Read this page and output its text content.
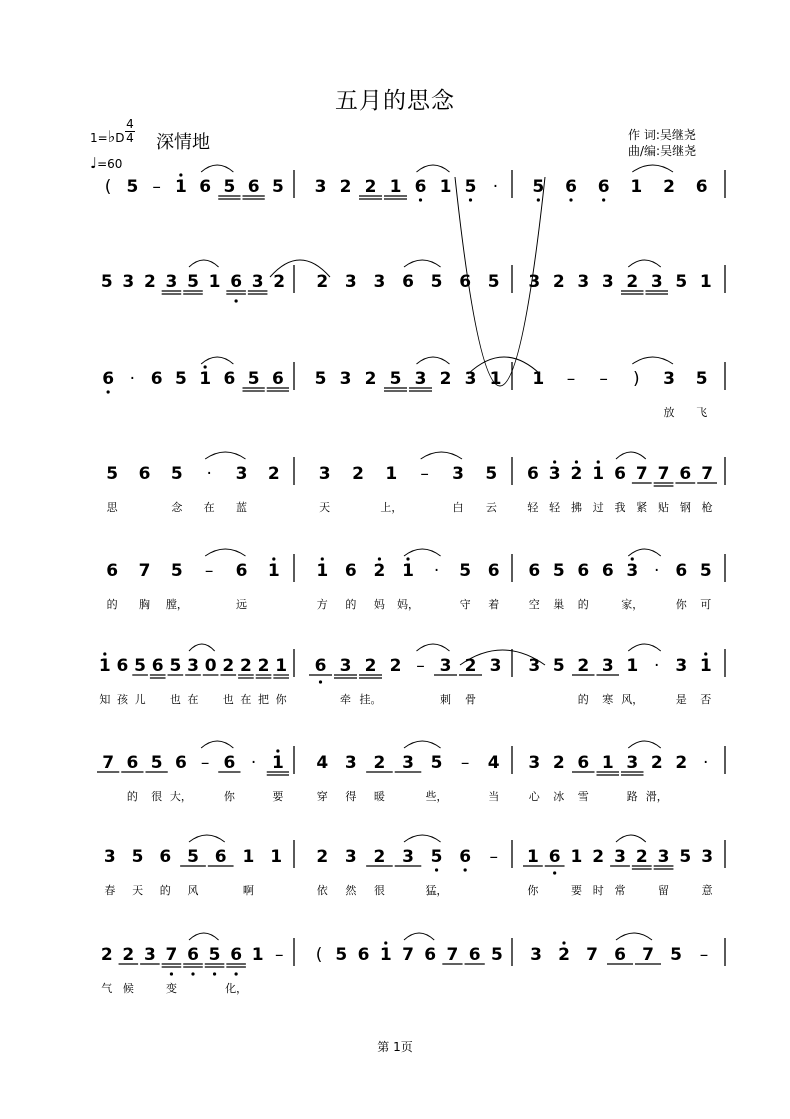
五月的思念
1=♭D
4
4
♩=60
深情地	作 词:吴继尧
曲/编:吴继尧
( 5 – 1 6 5 6 5 3 2 2 1 6 1 5 · 5 6 6 1 2 6
5 3 2 3 5 1 6 3 2 2 3 3 6 5 6 5 3 2 3 3 2 3 5 1
6 · 6 5 1 6 5 6 5 3 2 5 3 2 3 1 1 – – ) 3 5
放 飞
5 6 5 · 3 2 3 2 1 – 3 5 6 3 2 1 6 7 7 6 7
思	念 在 蓝	天	上，	白 云	轻 轻 拂 过 我 紧 贴 钢 枪
6 7 5 – 6 1 1 6 2 1 · 5 6 6 5 6 6 3 · 6 5
的 胸 膛，	远	方 的 妈 妈，	守 着	空 巢 的	家，	你 可
1 6 5 6 5 3 0 2 2 2 1 6 3 2 2 – 3 2 3 3 5 2 3 1 · 3 1
知 孩 儿 也 在 也 在 把 你	牵 挂。	刺 骨	的 寒 风，	是 否
7 6 5 6 – 6 · 1 4 3 2 3 5 – 4 3 2 6 1 3 2 2 ·
的 很 大，	你	要	穿 得 暖	些，	当	心 冰 雪	路 滑，
3 5 6 5 6 1 1 2 3 2 3 5 6 – 1 6 1 2 3 2 3 5 3
春 天 的 风	啊	依 然 很	猛，	你	要 时 常	留	意
2 2 3 7 6 5 6 1 – ( 5 6 1 7 6 7 6 5 3 2 7 6 7 5 –
气 候	变	化，
第 1页
